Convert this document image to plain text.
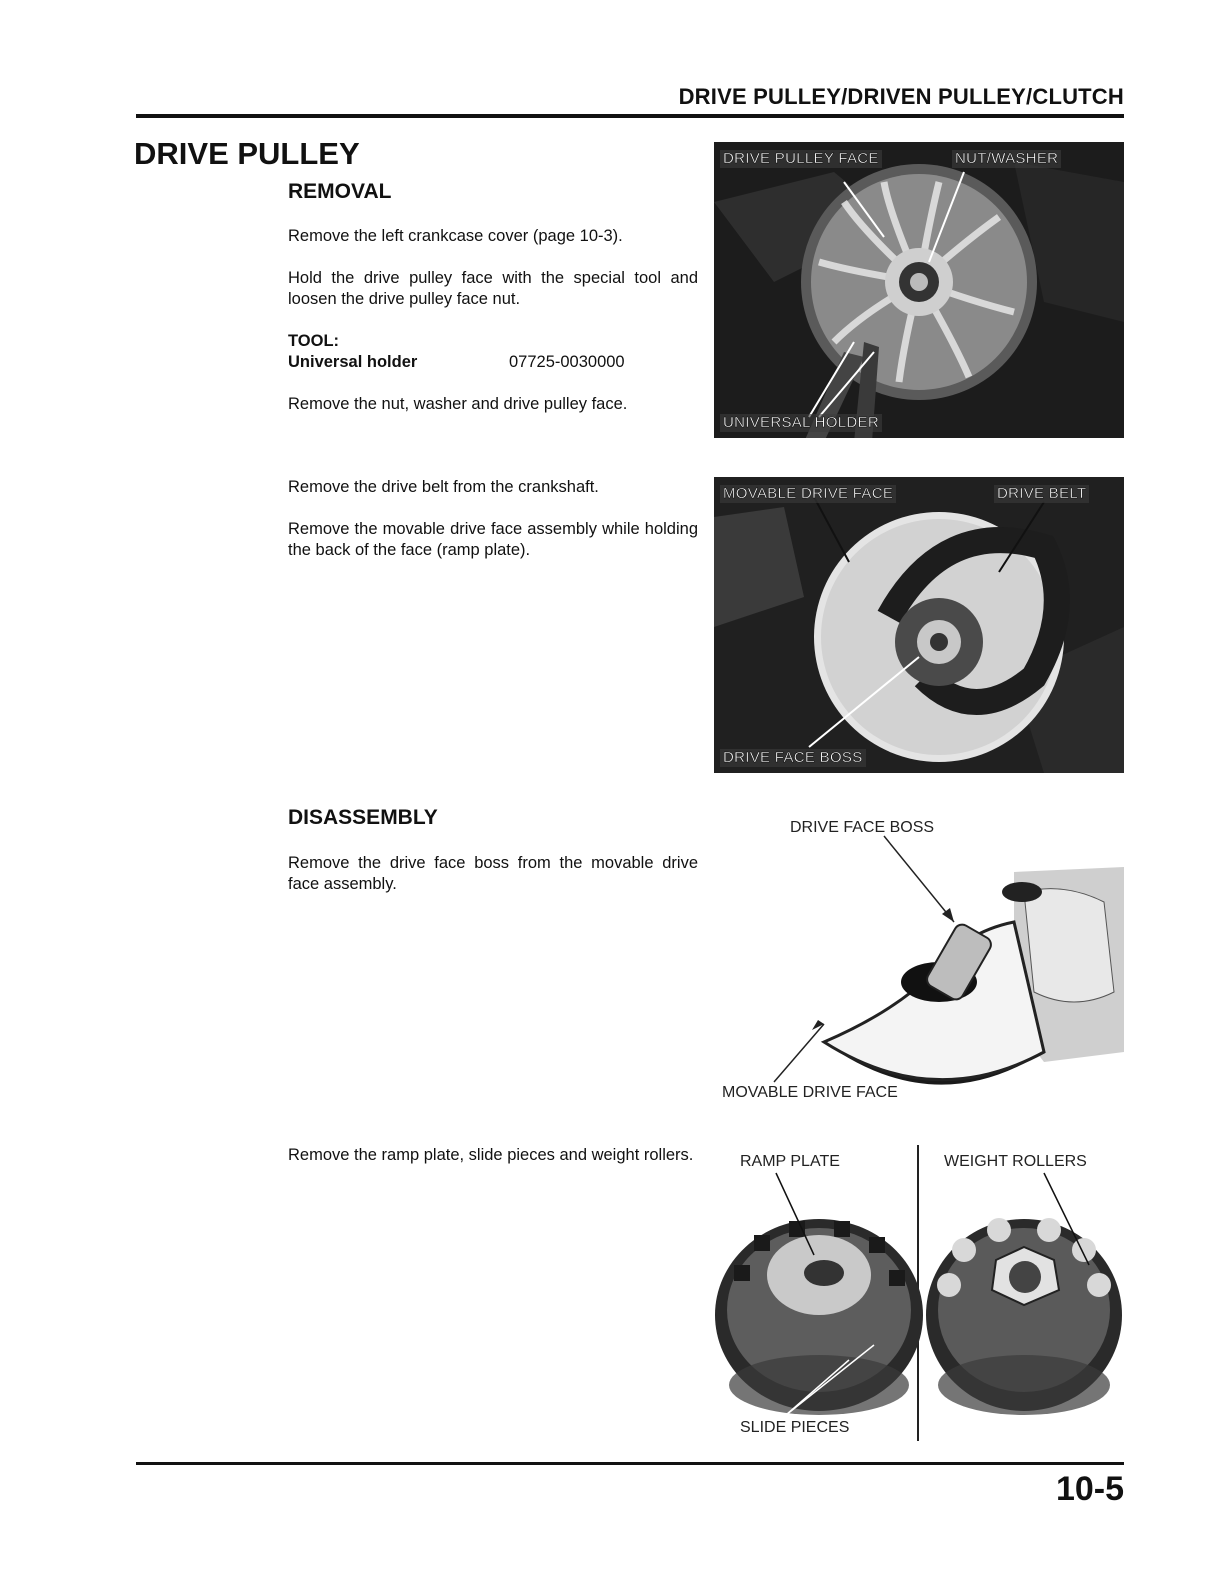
DRIVE PULLEY/DRIVEN PULLEY/CLUTCH
DRIVE PULLEY
REMOVAL
Remove the left crankcase cover (page 10-3).
Hold the drive pulley face with the special tool and loosen the drive pulley face nut.
TOOL:
Universal holder	07725-0030000
Remove the nut, washer and drive pulley face.
Remove the drive belt from the crankshaft.
Remove the movable drive face assembly while holding the back of the face (ramp plate).
DISASSEMBLY
Remove the drive face boss from the movable drive face assembly.
Remove the ramp plate, slide pieces and weight rollers.
DRIVE PULLEY FACE	NUT/WASHER
UNIVERSAL HOLDER
MOVABLE DRIVE FACE	DRIVE BELT
DRIVE FACE BOSS
DRIVE FACE BOSS
MOVABLE DRIVE FACE
RAMP PLATE	WEIGHT ROLLERS
SLIDE PIECES
10-5
